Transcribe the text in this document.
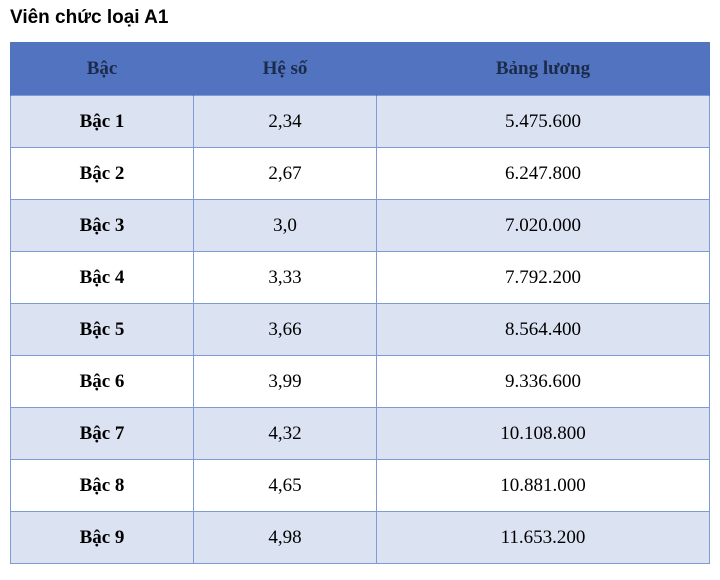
Viên chức loại A1
Bậc	Hệ số	Bảng lương
Bậc 1	2,34	5.475.600
Bậc 2	2,67	6.247.800
Bậc 3	3,0	7.020.000
Bậc 4	3,33	7.792.200
Bậc 5	3,66	8.564.400
Bậc 6	3,99	9.336.600
Bậc 7	4,32	10.108.800
Bậc 8	4,65	10.881.000
Bậc 9	4,98	11.653.200
